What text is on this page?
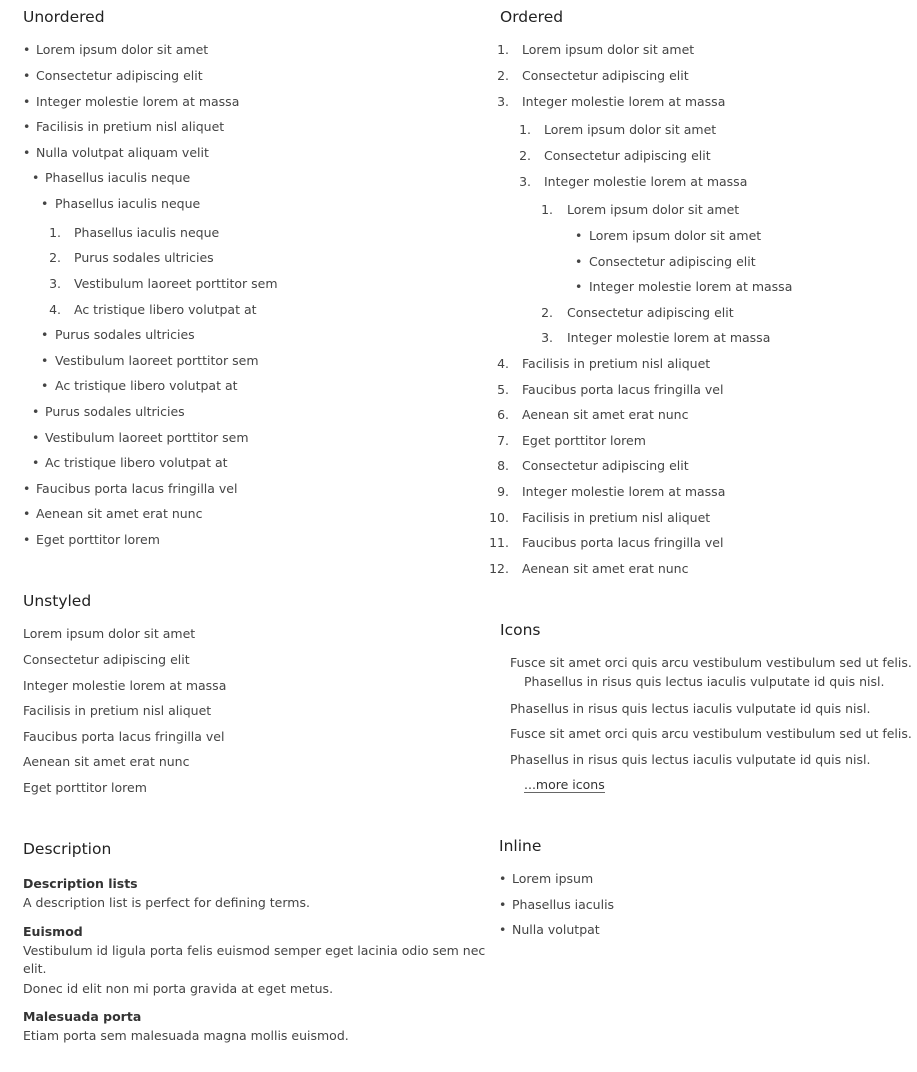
Unordered
• Lorem ipsum dolor sit amet
• Consectetur adipiscing elit
• Integer molestie lorem at massa
• Facilisis in pretium nisl aliquet
• Nulla volutpat aliquam velit
• Phasellus iaculis neque
• Phasellus iaculis neque
1. Phasellus iaculis neque
2. Purus sodales ultricies
3. Vestibulum laoreet porttitor sem
4. Ac tristique libero volutpat at
• Purus sodales ultricies
• Vestibulum laoreet porttitor sem
• Ac tristique libero volutpat at
• Purus sodales ultricies
• Vestibulum laoreet porttitor sem
• Ac tristique libero volutpat at
• Faucibus porta lacus fringilla vel
• Aenean sit amet erat nunc
• Eget porttitor lorem
Ordered
1. Lorem ipsum dolor sit amet
2. Consectetur adipiscing elit
3. Integer molestie lorem at massa
1. Lorem ipsum dolor sit amet
2. Consectetur adipiscing elit
3. Integer molestie lorem at massa
1. Lorem ipsum dolor sit amet
• Lorem ipsum dolor sit amet
• Consectetur adipiscing elit
• Integer molestie lorem at massa
2. Consectetur adipiscing elit
3. Integer molestie lorem at massa
4. Facilisis in pretium nisl aliquet
5. Faucibus porta lacus fringilla vel
6. Aenean sit amet erat nunc
7. Eget porttitor lorem
8. Consectetur adipiscing elit
9. Integer molestie lorem at massa
10. Facilisis in pretium nisl aliquet
11. Faucibus porta lacus fringilla vel
12. Aenean sit amet erat nunc
Unstyled
Lorem ipsum dolor sit amet
Consectetur adipiscing elit
Integer molestie lorem at massa
Facilisis in pretium nisl aliquet
Faucibus porta lacus fringilla vel
Aenean sit amet erat nunc
Eget porttitor lorem
Icons
Fusce sit amet orci quis arcu vestibulum vestibulum sed ut felis.
Phasellus in risus quis lectus iaculis vulputate id quis nisl.
Phasellus in risus quis lectus iaculis vulputate id quis nisl.
Fusce sit amet orci quis arcu vestibulum vestibulum sed ut felis.
Phasellus in risus quis lectus iaculis vulputate id quis nisl.
...more icons
Description
Description lists
A description list is perfect for defining terms.
Euismod
Vestibulum id ligula porta felis euismod semper eget lacinia odio sem nec
elit.
Donec id elit non mi porta gravida at eget metus.
Malesuada porta
Etiam porta sem malesuada magna mollis euismod.
Inline
• Lorem ipsum
• Phasellus iaculis
• Nulla volutpat
